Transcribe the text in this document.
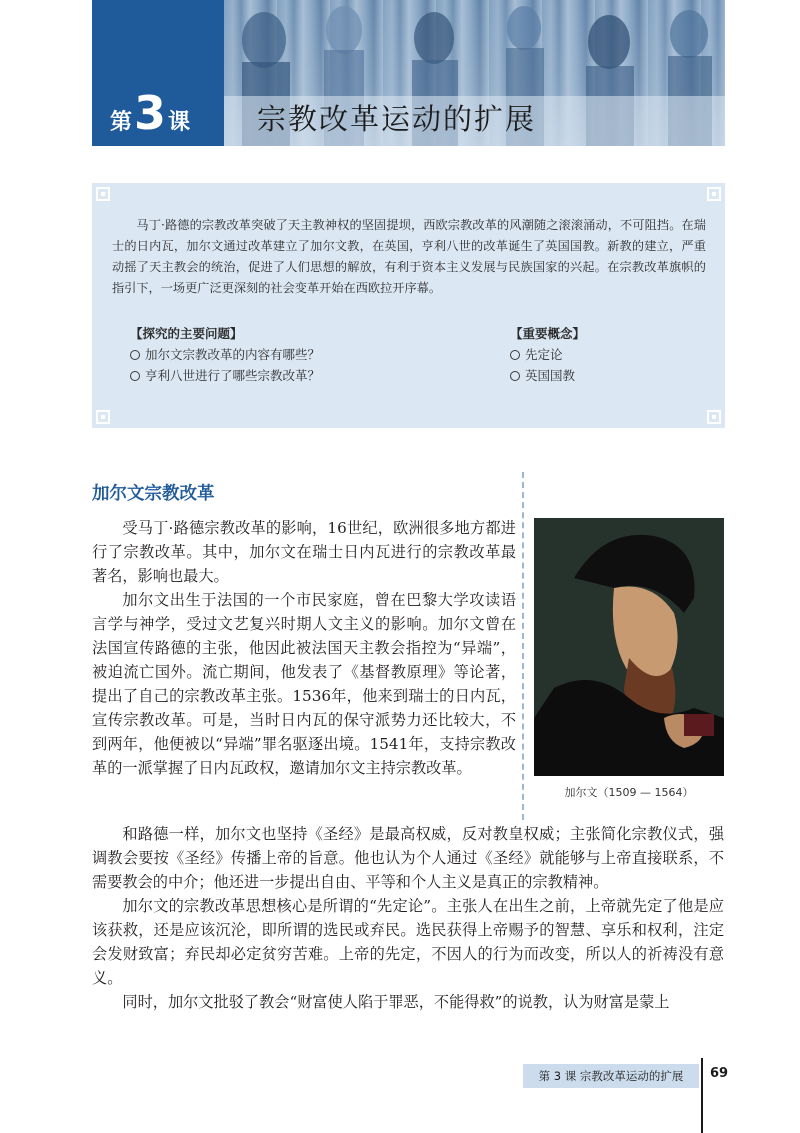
第 3 课 宗教改革运动的扩展

马丁·路德的宗教改革突破了天主教神权的坚固提坝，西欧宗教改革的风潮随之滚滚涌动，不可阻挡。在瑞士的日内瓦，加尔文通过改革建立了加尔文教，在英国，亨利八世的改革诞生了英国国教。新教的建立，严重动摇了天主教会的统治，促进了人们思想的解放，有利于资本主义发展与民族国家的兴起。在宗教改革旗帜的指引下，一场更广泛更深刻的社会变革开始在西欧拉开序幕。

【探究的主要问题】

加尔文宗教改革的内容有哪些？

亨利八世进行了哪些宗教改革？

【重要概念】

先定论

英国国教

加尔文宗教改革

受马丁·路德宗教改革的影响，16世纪，欧洲很多地方都进行了宗教改革。其中，加尔文在瑞士日内瓦进行的宗教改革最著名，影响也最大。

加尔文出生于法国的一个市民家庭，曾在巴黎大学攻读语言学与神学，受过文艺复兴时期人文主义的影响。加尔文曾在法国宣传路德的主张，他因此被法国天主教会指控为“异端”，被迫流亡国外。流亡期间，他发表了《基督教原理》等论著，提出了自己的宗教改革主张。1536年，他来到瑞士的日内瓦，宣传宗教改革。可是，当时日内瓦的保守派势力还比较大，不到两年，他便被以“异端”罪名驱逐出境。1541年，支持宗教改革的一派掌握了日内瓦政权，邀请加尔文主持宗教改革。

加尔文（1509 — 1564）

和路德一样，加尔文也坚持《圣经》是最高权威，反对教皇权威；主张简化宗教仪式，强调教会要按《圣经》传播上帝的旨意。他也认为个人通过《圣经》就能够与上帝直接联系，不需要教会的中介；他还进一步提出自由、平等和个人主义是真正的宗教精神。

加尔文的宗教改革思想核心是所谓的“先定论”。主张人在出生之前，上帝就先定了他是应该获救，还是应该沉沦，即所谓的选民或弃民。选民获得上帝赐予的智慧、享乐和权利，注定会发财致富；弃民却必定贫穷苦难。上帝的先定，不因人的行为而改变，所以人的祈祷没有意义。

同时，加尔文批驳了教会“财富使人陷于罪恶，不能得救”的说教，认为财富是蒙上

第 3 课 宗教改革运动的扩展	69
